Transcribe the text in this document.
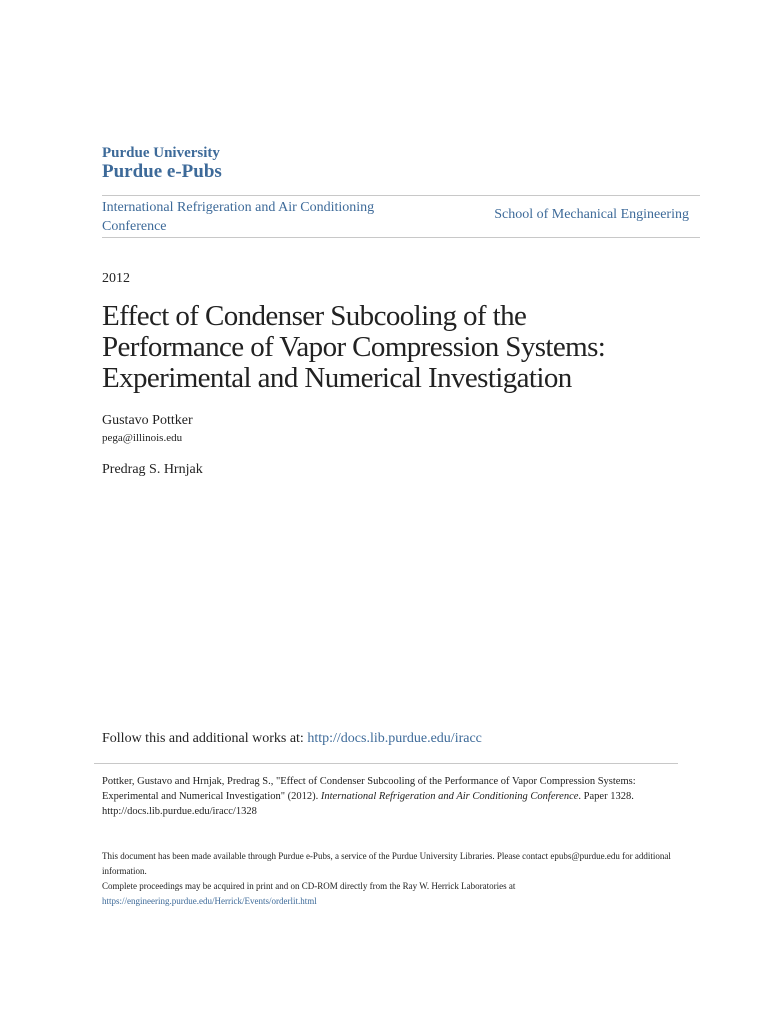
Purdue University
Purdue e-Pubs
International Refrigeration and Air Conditioning Conference
School of Mechanical Engineering
2012
Effect of Condenser Subcooling of the Performance of Vapor Compression Systems: Experimental and Numerical Investigation
Gustavo Pottker
pega@illinois.edu
Predrag S. Hrnjak
Follow this and additional works at: http://docs.lib.purdue.edu/iracc
Pottker, Gustavo and Hrnjak, Predrag S., "Effect of Condenser Subcooling of the Performance of Vapor Compression Systems: Experimental and Numerical Investigation" (2012). International Refrigeration and Air Conditioning Conference. Paper 1328.
http://docs.lib.purdue.edu/iracc/1328
This document has been made available through Purdue e-Pubs, a service of the Purdue University Libraries. Please contact epubs@purdue.edu for additional information.
Complete proceedings may be acquired in print and on CD-ROM directly from the Ray W. Herrick Laboratories at https://engineering.purdue.edu/Herrick/Events/orderlit.html
